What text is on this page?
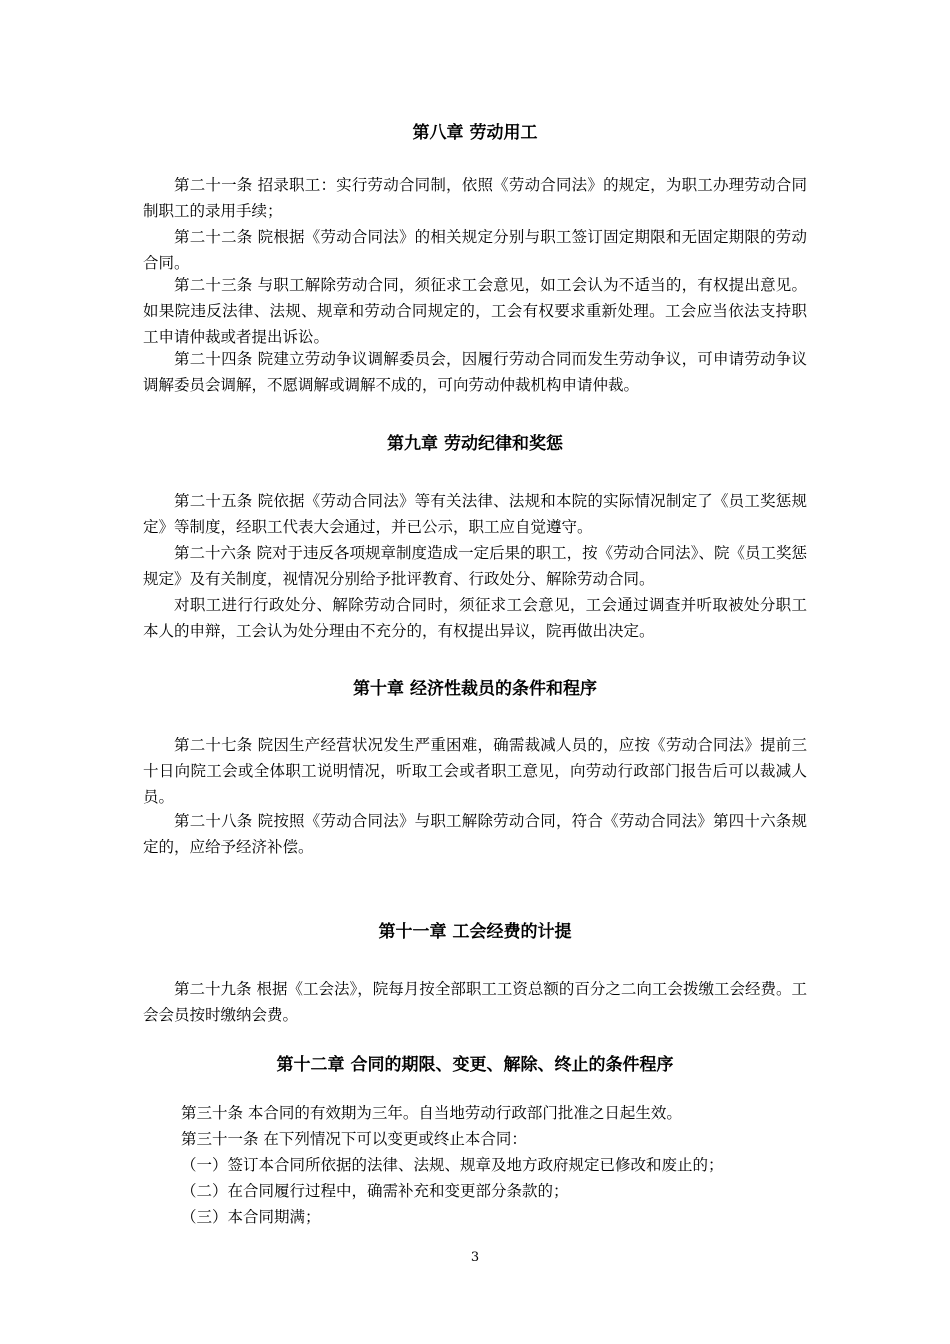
第八章 劳动用工

第二十一条 招录职工：实行劳动合同制，依照《劳动合同法》的规定，为职工办理劳动合同制职工的录用手续；

第二十二条 院根据《劳动合同法》的相关规定分别与职工签订固定期限和无固定期限的劳动合同。

第二十三条 与职工解除劳动合同，须征求工会意见，如工会认为不适当的，有权提出意见。如果院违反法律、法规、规章和劳动合同规定的，工会有权要求重新处理。工会应当依法支持职工申请仲裁或者提出诉讼。

第二十四条 院建立劳动争议调解委员会，因履行劳动合同而发生劳动争议，可申请劳动争议调解委员会调解，不愿调解或调解不成的，可向劳动仲裁机构申请仲裁。

第九章 劳动纪律和奖惩

第二十五条 院依据《劳动合同法》等有关法律、法规和本院的实际情况制定了《员工奖惩规定》等制度，经职工代表大会通过，并已公示，职工应自觉遵守。

第二十六条 院对于违反各项规章制度造成一定后果的职工，按《劳动合同法》、院《员工奖惩规定》及有关制度，视情况分别给予批评教育、行政处分、解除劳动合同。

对职工进行行政处分、解除劳动合同时，须征求工会意见，工会通过调查并听取被处分职工本人的申辩，工会认为处分理由不充分的，有权提出异议，院再做出决定。

第十章 经济性裁员的条件和程序

第二十七条 院因生产经营状况发生严重困难，确需裁减人员的，应按《劳动合同法》提前三十日向院工会或全体职工说明情况，听取工会或者职工意见，向劳动行政部门报告后可以裁减人员。

第二十八条 院按照《劳动合同法》与职工解除劳动合同，符合《劳动合同法》第四十六条规定的，应给予经济补偿。

第十一章 工会经费的计提

第二十九条 根据《工会法》，院每月按全部职工工资总额的百分之二向工会拨缴工会经费。工会会员按时缴纳会费。

第十二章 合同的期限、变更、解除、终止的条件程序

第三十条 本合同的有效期为三年。自当地劳动行政部门批准之日起生效。

第三十一条 在下列情况下可以变更或终止本合同：

（一）签订本合同所依据的法律、法规、规章及地方政府规定已修改和废止的；

（二）在合同履行过程中，确需补充和变更部分条款的；

（三）本合同期满；

3
